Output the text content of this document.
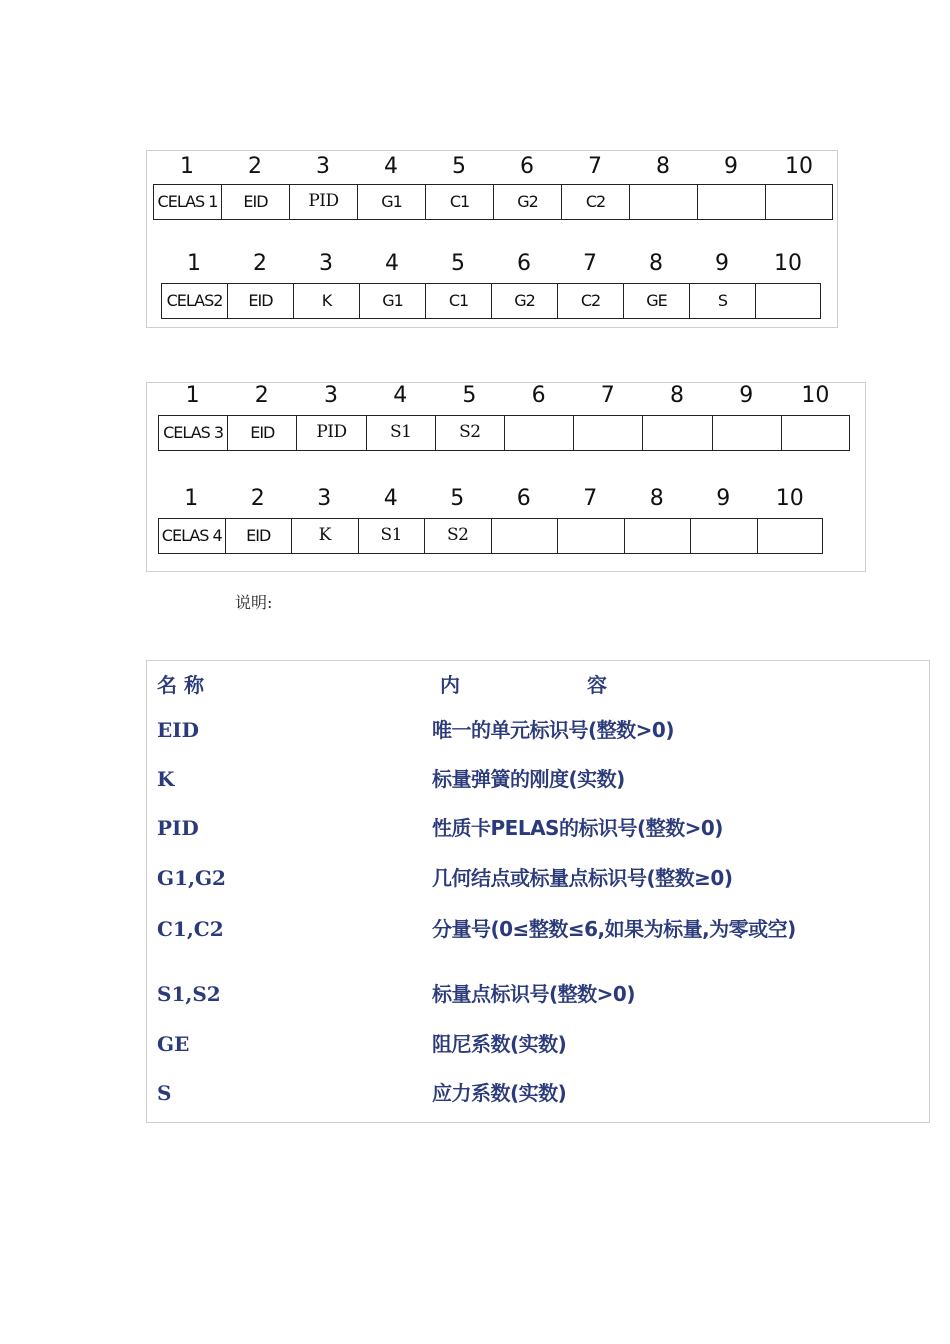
1	2	3	4	5	6	7	8	9	10
CELAS 1	EID	PID	G1	C1	G2	C2
1	2	3	4	5	6	7	8	9	10
CELAS2	EID	K	G1	C1	G2	C2	GE	S
1	2	3	4	5	6	7	8	9	10
CELAS 3	EID	PID	S1	S2
1	2	3	4	5	6	7	8	9	10
CELAS 4	EID	K	S1	S2
说明:
名 称	内	容
EID	唯一的单元标识号(整数>0)
K	标量弹簧的刚度(实数)
PID	性质卡PELAS的标识号(整数>0)
G1,G2	几何结点或标量点标识号(整数≥0)
C1,C2	分量号(0≤整数≤6,如果为标量,为零或空)
S1,S2	标量点标识号(整数>0)
GE	阻尼系数(实数)
S	应力系数(实数)
